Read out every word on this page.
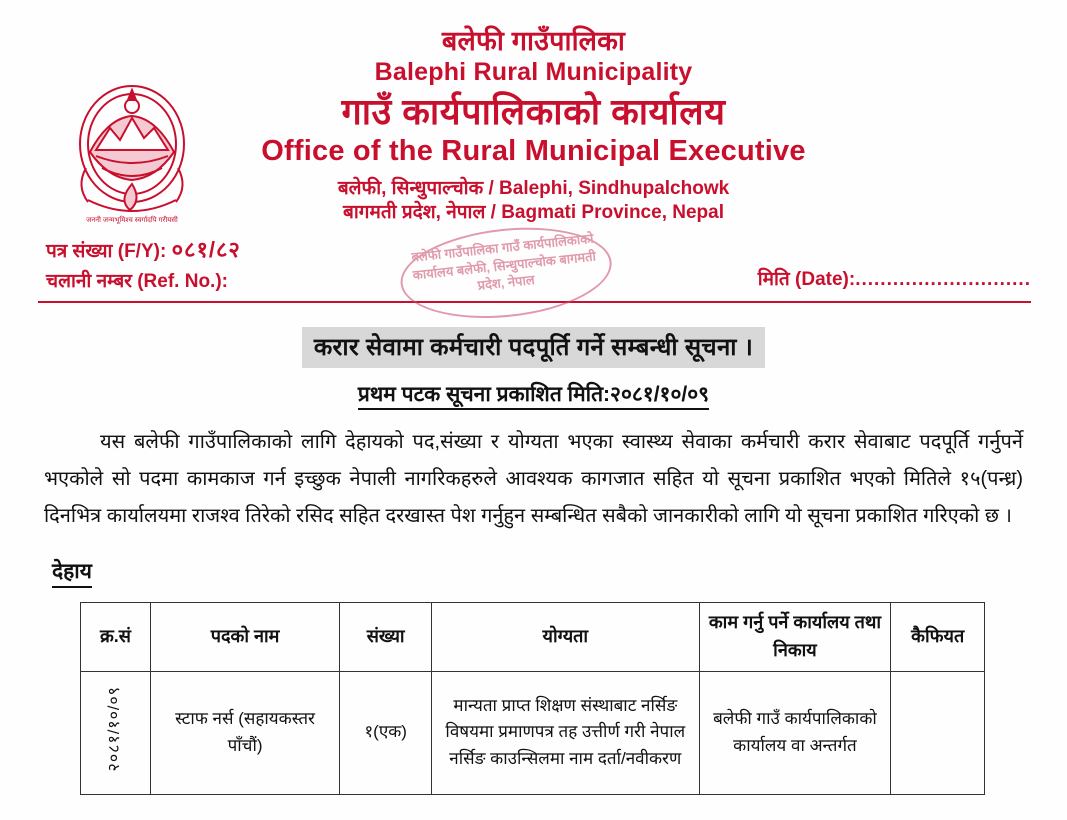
जननी जन्मभूमिश्च स्वर्गादपि गरीयसी
बलेफी गाउँपालिका
Balephi Rural Municipality
गाउँ कार्यपालिकाको कार्यालय
Office of the Rural Municipal Executive
बलेफी, सिन्धुपाल्चोक / Balephi, Sindhupalchowk
बागमती प्रदेश, नेपाल / Bagmati Province, Nepal
पत्र संख्या (F/Y): ०८१/८२
चलानी नम्बर (Ref. No.):
बलेफी गाउँपालिका गाउँ कार्यपालिकाको कार्यालय बलेफी, सिन्धुपाल्चोक बागमती प्रदेश, नेपाल	मिति (Date):............................
करार सेवामा कर्मचारी पदपूर्ति गर्ने सम्बन्धी सूचना ।
प्रथम पटक सूचना प्रकाशित मिति:२०८१/१०/०९
यस बलेफी गाउँपालिकाको लागि देहायको पद,संख्या र योग्यता भएका स्वास्थ्य सेवाका कर्मचारी करार सेवाबाट पदपूर्ति गर्नुपर्ने भएकोले सो पदमा कामकाज गर्न इच्छुक नेपाली नागरिकहरुले आवश्यक कागजात सहित यो सूचना प्रकाशित भएको मितिले १५(पन्ध्र) दिनभित्र कार्यालयमा राजश्व तिरेको रसिद सहित दरखास्त पेश गर्नुहुन सम्बन्धित सबैको जानकारीको लागि यो सूचना प्रकाशित गरिएको छ ।
देहाय
क्र.सं	पदको नाम	संख्या	योग्यता	काम गर्नु पर्ने कार्यालय तथा निकाय	कैफियत
२०८१/१०/०९	स्टाफ नर्स (सहायकस्तर पाँचौं)	१(एक)	मान्यता प्राप्त शिक्षण संस्थाबाट नर्सिङ विषयमा प्रमाणपत्र तह उत्तीर्ण गरी नेपाल नर्सिङ काउन्सिलमा नाम दर्ता/नवीकरण	बलेफी गाउँ कार्यपालिकाको कार्यालय वा अन्तर्गत	
